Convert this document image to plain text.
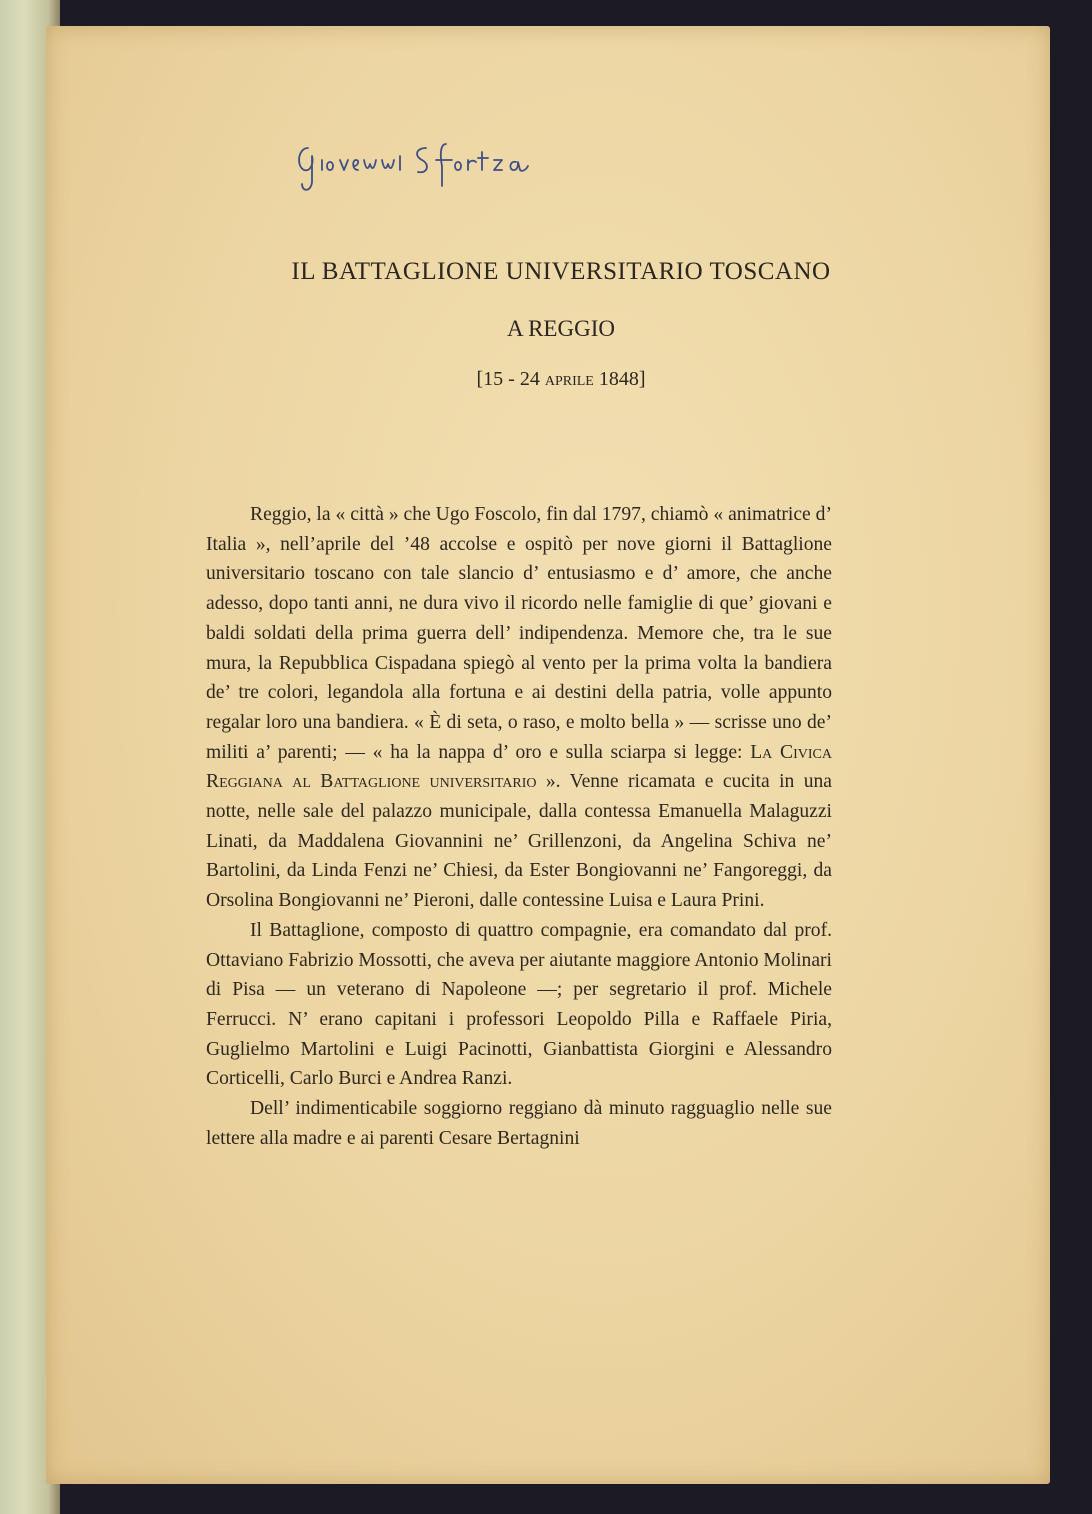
IL BATTAGLIONE UNIVERSITARIO TOSCANO
A REGGIO
[15 - 24 aprile 1848]

Reggio, la « città » che Ugo Foscolo, fin dal 1797, chiamò « animatrice d’ Italia », nell’aprile del ’48 accolse e ospitò per nove giorni il Battaglione universitario toscano con tale slancio d’ entusiasmo e d’ amore, che anche adesso, dopo tanti anni, ne dura vivo il ricordo nelle famiglie di que’ giovani e baldi soldati della prima guerra dell’ indipendenza. Memore che, tra le sue mura, la Repubblica Cispadana spiegò al vento per la prima volta la bandiera de’ tre colori, legandola alla fortuna e ai destini della patria, volle appunto regalar loro una bandiera. « È di seta, o raso, e molto bella » — scrisse uno de’ militi a’ parenti; — « ha la nappa d’ oro e sulla sciarpa si legge: La Civica Reggiana al Battaglione universitario ». Venne ricamata e cucita in una notte, nelle sale del palazzo municipale, dalla contessa Emanuella Malaguzzi Linati, da Maddalena Giovannini ne’ Grillenzoni, da Angelina Schiva ne’ Bartolini, da Linda Fenzi ne’ Chiesi, da Ester Bongiovanni ne’ Fangoreggi, da Orsolina Bongiovanni ne’ Pieroni, dalle contessine Luisa e Laura Prini.

Il Battaglione, composto di quattro compagnie, era comandato dal prof. Ottaviano Fabrizio Mossotti, che aveva per aiutante maggiore Antonio Molinari di Pisa — un veterano di Napoleone —; per segretario il prof. Michele Ferrucci. N’ erano capitani i professori Leopoldo Pilla e Raffaele Piria, Guglielmo Martolini e Luigi Pacinotti, Gianbattista Giorgini e Alessandro Corticelli, Carlo Burci e Andrea Ranzi.

Dell’ indimenticabile soggiorno reggiano dà minuto ragguaglio nelle sue lettere alla madre e ai parenti Cesare Bertagnini
